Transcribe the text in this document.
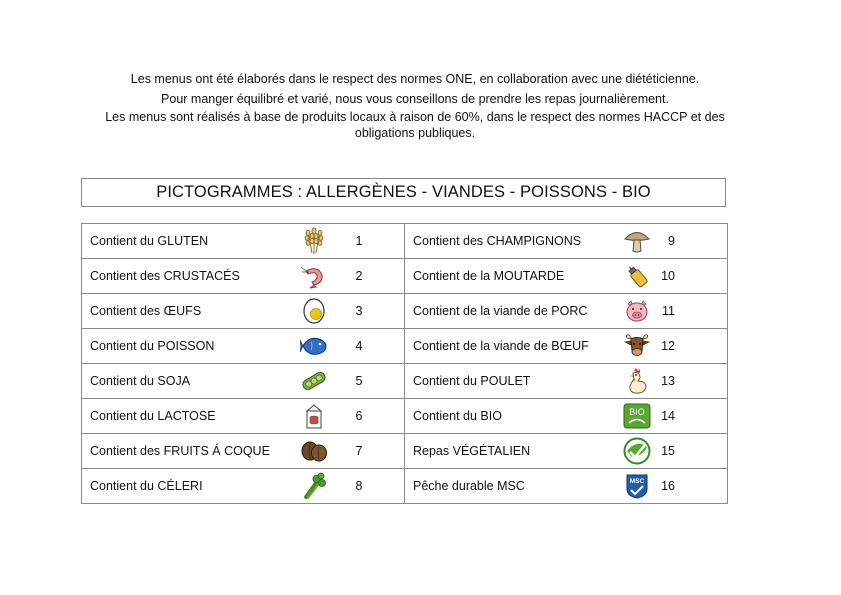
Les menus ont été élaborés dans le respect des normes ONE, en collaboration avec une diététicienne.

Pour manger équilibré et varié, nous vous conseillons de prendre les repas journalièrement.

Les menus sont réalisés à base de produits locaux à raison de 60%, dans le respect des normes HACCP et des

obligations publiques.

PICTOGRAMMES : ALLERGÈNES - VIANDES - POISSONS - BIO
Contient du GLUTEN 1	Contient des CHAMPIGNONS 9

Contient des CRUSTACÉS 2	Contient de la MOUTARDE 10

Contient des ŒUFS 3	Contient de la viande de PORC 11

Contient du POISSON 4	Contient de la viande de BŒUF 12

Contient du SOJA 5	Contient du POULET 13

Contient du LACTOSE 6	Contient du BIO BIO 14

Contient des FRUITS Á COQUE 7	Repas VÉGÉTALIEN 15

Contient du CÉLERI 8	Pêche durable MSC MSC 16
